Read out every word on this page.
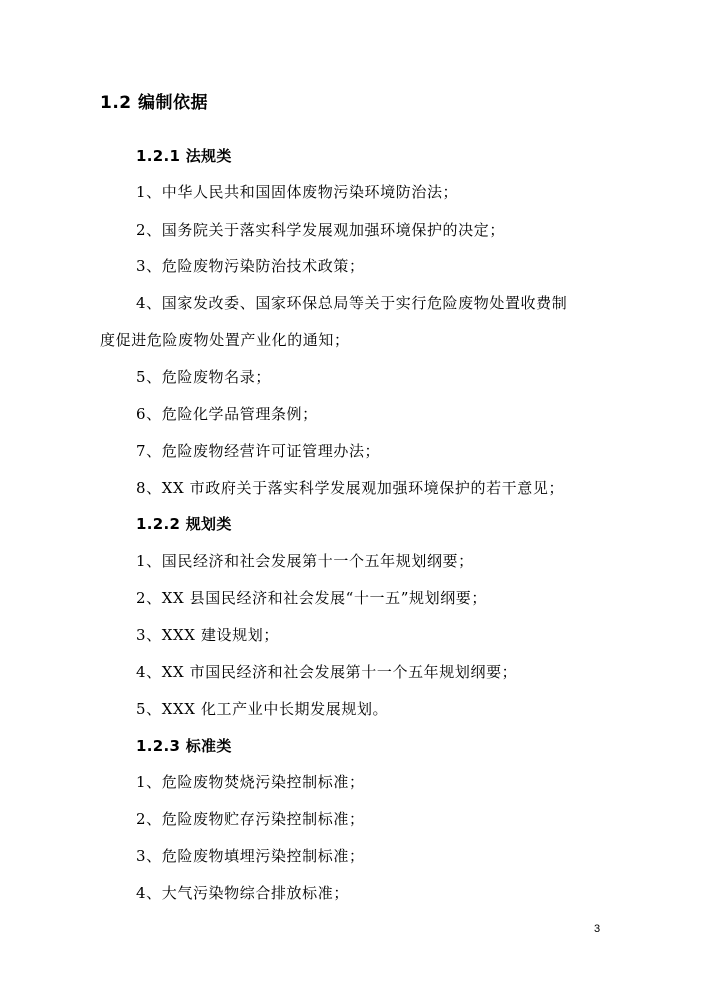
1.2 编制依据
1.2.1 法规类
1、中华人民共和国固体废物污染环境防治法；
2、国务院关于落实科学发展观加强环境保护的决定；
3、危险废物污染防治技术政策；
4、国家发改委、国家环保总局等关于实行危险废物处置收费制
度促进危险废物处置产业化的通知；
5、危险废物名录；
6、危险化学品管理条例；
7、危险废物经营许可证管理办法；
8、XX 市政府关于落实科学发展观加强环境保护的若干意见；
1.2.2 规划类
1、国民经济和社会发展第十一个五年规划纲要；
2、XX 县国民经济和社会发展“十一五”规划纲要；
3、XXX 建设规划；
4、XX 市国民经济和社会发展第十一个五年规划纲要；
5、XXX 化工产业中长期发展规划。
1.2.3 标准类
1、危险废物焚烧污染控制标准；
2、危险废物贮存污染控制标准；
3、危险废物填埋污染控制标准；
4、大气污染物综合排放标准；
3
